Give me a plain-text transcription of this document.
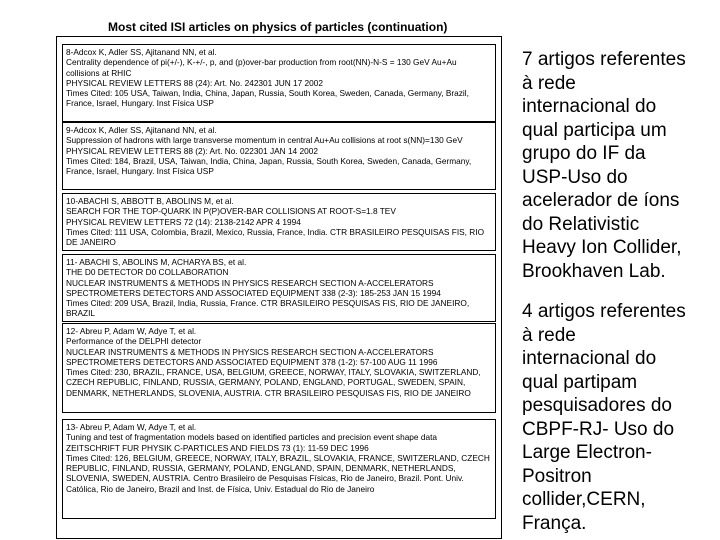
Most cited ISI articles on physics of particles (continuation)
8-Adcox K, Adler SS, Ajitanand NN, et al.
Centrality dependence of pi(+/-), K-+/-, p, and (p)over-bar production from root(NN)-N-S = 130 GeV Au+Au collisions at RHIC
PHYSICAL REVIEW LETTERS 88 (24): Art. No. 242301 JUN 17 2002
Times Cited: 105 USA, Taiwan, India, China, Japan, Russia, South Korea, Sweden, Canada, Germany, Brazil, France, Israel, Hungary. Inst Física USP
9-Adcox K, Adler SS, Ajitanand NN, et al.
Suppression of hadrons with large transverse momentum in central Au+Au collisions at root s(NN)=130 GeV
PHYSICAL REVIEW LETTERS 88 (2): Art. No. 022301 JAN 14 2002
Times Cited: 184, Brazil, USA, Taiwan, India, China, Japan, Russia, South Korea, Sweden, Canada, Germany, France, Israel, Hungary. Inst Física USP
10-ABACHI S, ABBOTT B, ABOLINS M, et al.
SEARCH FOR THE TOP-QUARK IN P(P)OVER-BAR COLLISIONS AT ROOT-S=1.8 TEV
PHYSICAL REVIEW LETTERS 72 (14): 2138-2142 APR 4 1994
Times Cited: 111 USA, Colombia, Brazil, Mexico, Russia, France, India. CTR BRASILEIRO PESQUISAS FIS, RIO DE JANEIRO
11- ABACHI S, ABOLINS M, ACHARYA BS, et al.
THE D0 DETECTOR D0 COLLABORATION
NUCLEAR INSTRUMENTS & METHODS IN PHYSICS RESEARCH SECTION A-ACCELERATORS SPECTROMETERS DETECTORS AND ASSOCIATED EQUIPMENT 338 (2-3): 185-253 JAN 15 1994
Times Cited: 209 USA, Brazil, India, Russia, France. CTR BRASILEIRO PESQUISAS FIS, RIO DE JANEIRO, BRAZIL
12- Abreu P, Adam W, Adye T, et al.
Performance of the DELPHI detector
NUCLEAR INSTRUMENTS & METHODS IN PHYSICS RESEARCH SECTION A-ACCELERATORS SPECTROMETERS DETECTORS AND ASSOCIATED EQUIPMENT 378 (1-2): 57-100 AUG 11 1996
Times Cited: 230, BRAZIL, FRANCE, USA, BELGIUM, GREECE, NORWAY, ITALY, SLOVAKIA, SWITZERLAND, CZECH REPUBLIC, FINLAND, RUSSIA, GERMANY, POLAND, ENGLAND, PORTUGAL, SWEDEN, SPAIN, DENMARK, NETHERLANDS, SLOVENIA, AUSTRIA. CTR BRASILEIRO PESQUISAS FIS, RIO DE JANEIRO
13- Abreu P, Adam W, Adye T, et al.
Tuning and test of fragmentation models based on identified particles and precision event shape data
ZEITSCHRIFT FUR PHYSIK C-PARTICLES AND FIELDS 73 (1): 11-59 DEC 1996
Times Cited: 126, BELGIUM, GREECE, NORWAY, ITALY, BRAZIL, SLOVAKIA, FRANCE, SWITZERLAND, CZECH REPUBLIC, FINLAND, RUSSIA, GERMANY, POLAND, ENGLAND, SPAIN, DENMARK, NETHERLANDS, SLOVENIA, SWEDEN, AUSTRIA. Centro Brasileiro de Pesquisas Físicas, Rio de Janeiro, Brazil. Pont. Univ. Católica, Rio de Janeiro, Brazil and Inst. de Física, Univ. Estadual do Rio de Janeiro
7 artigos referentes
à rede
internacional do
qual participa um
grupo do IF da
USP-Uso do
acelerador de íons
do Relativistic
Heavy Ion Collider,
Brookhaven Lab.
4 artigos referentes
à rede
internacional do
qual partipam
pesquisadores do
CBPF-RJ- Uso do
Large Electron-
Positron
collider,CERN,
França.
